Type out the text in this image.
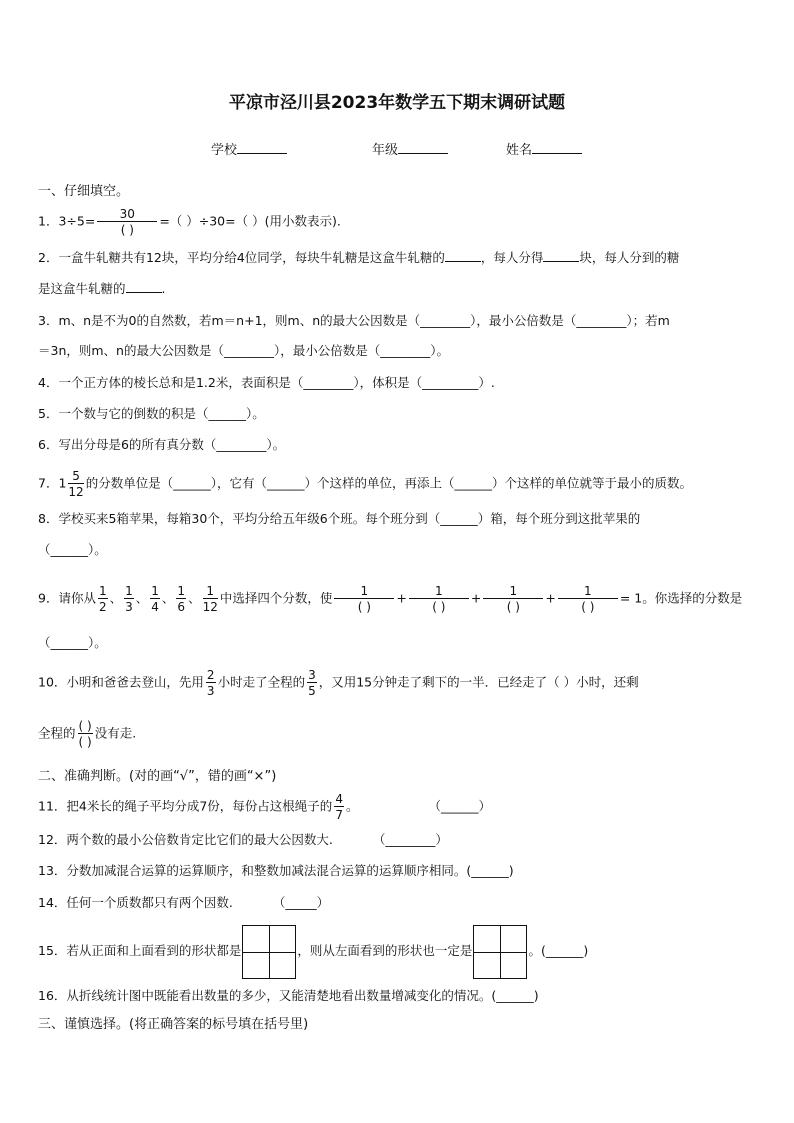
平凉市泾川县2023年数学五下期末调研试题
学校	年级	姓名
一、仔细填空。
1．$3\div 5= \frac{30}{( )}$ =（ ）÷30=（ ）(用小数表示).
2．一盒牛轧糖共有12块，平均分给4位同学，每块牛轧糖是这盒牛轧糖的	，每人分得	块，每人分到的糖
是这盒牛轧糖的	.
3．m、n是不为0的自然数，若m＝n+1，则m、n的最大公因数是（________），最小公倍数是（________）；若m
＝3n，则m、n的最大公因数是（________），最小公倍数是（________）。
4．一个正方体的棱长总和是1.2米，表面积是（________），体积是（_________）.
5．一个数与它的倒数的积是（______）。
6．写出分母是6的所有真分数（________）。
7．$1 \frac{5}{12}$ 的分数单位是（______），它有（______）个这样的单位，再添上（______）个这样的单位就等于最小的质数。
8．学校买来5箱苹果，每箱30个，平均分给五年级6个班。每个班分到（______）箱，每个班分到这批苹果的
（______）。
9．请你从 $\frac{1}{2}$ 、 $\frac{1}{3}$ 、 $\frac{1}{4}$ 、 $\frac{1}{6}$ 、 $\frac{1}{12}$ 中选择四个分数，使 $\frac{1}{( )} + \frac{1}{( )} + \frac{1}{( )} + \frac{1}{( )} = 1$。你选择的分数是
（______）。
10．小明和爸爸去登山，先用 $\frac{2}{3}$ 小时走了全程的 $\frac{3}{5}$ ，又用15分钟走了剩下的一半．已经走了（ ）小时，还剩
全程的 $\frac{( )}{( )}$ 没有走.
二、准确判断。(对的画“√”，错的画“×”)
11．把4米长的绳子平均分成7份，每份占这根绳子的 $\frac{4}{7}$ 。	（______）
12．两个数的最小公倍数肯定比它们的最大公因数大.	（________）
13．分数加减混合运算的运算顺序，和整数加减法混合运算的运算顺序相同。(______)
14．任何一个质数都只有两个因数.	（_____）
15．若从正面和上面看到的形状都是	，则从左面看到的形状也一定是	。(______)
16．从折线统计图中既能看出数量的多少，又能清楚地看出数量增减变化的情况。(______)
三、谨慎选择。(将正确答案的标号填在括号里)
